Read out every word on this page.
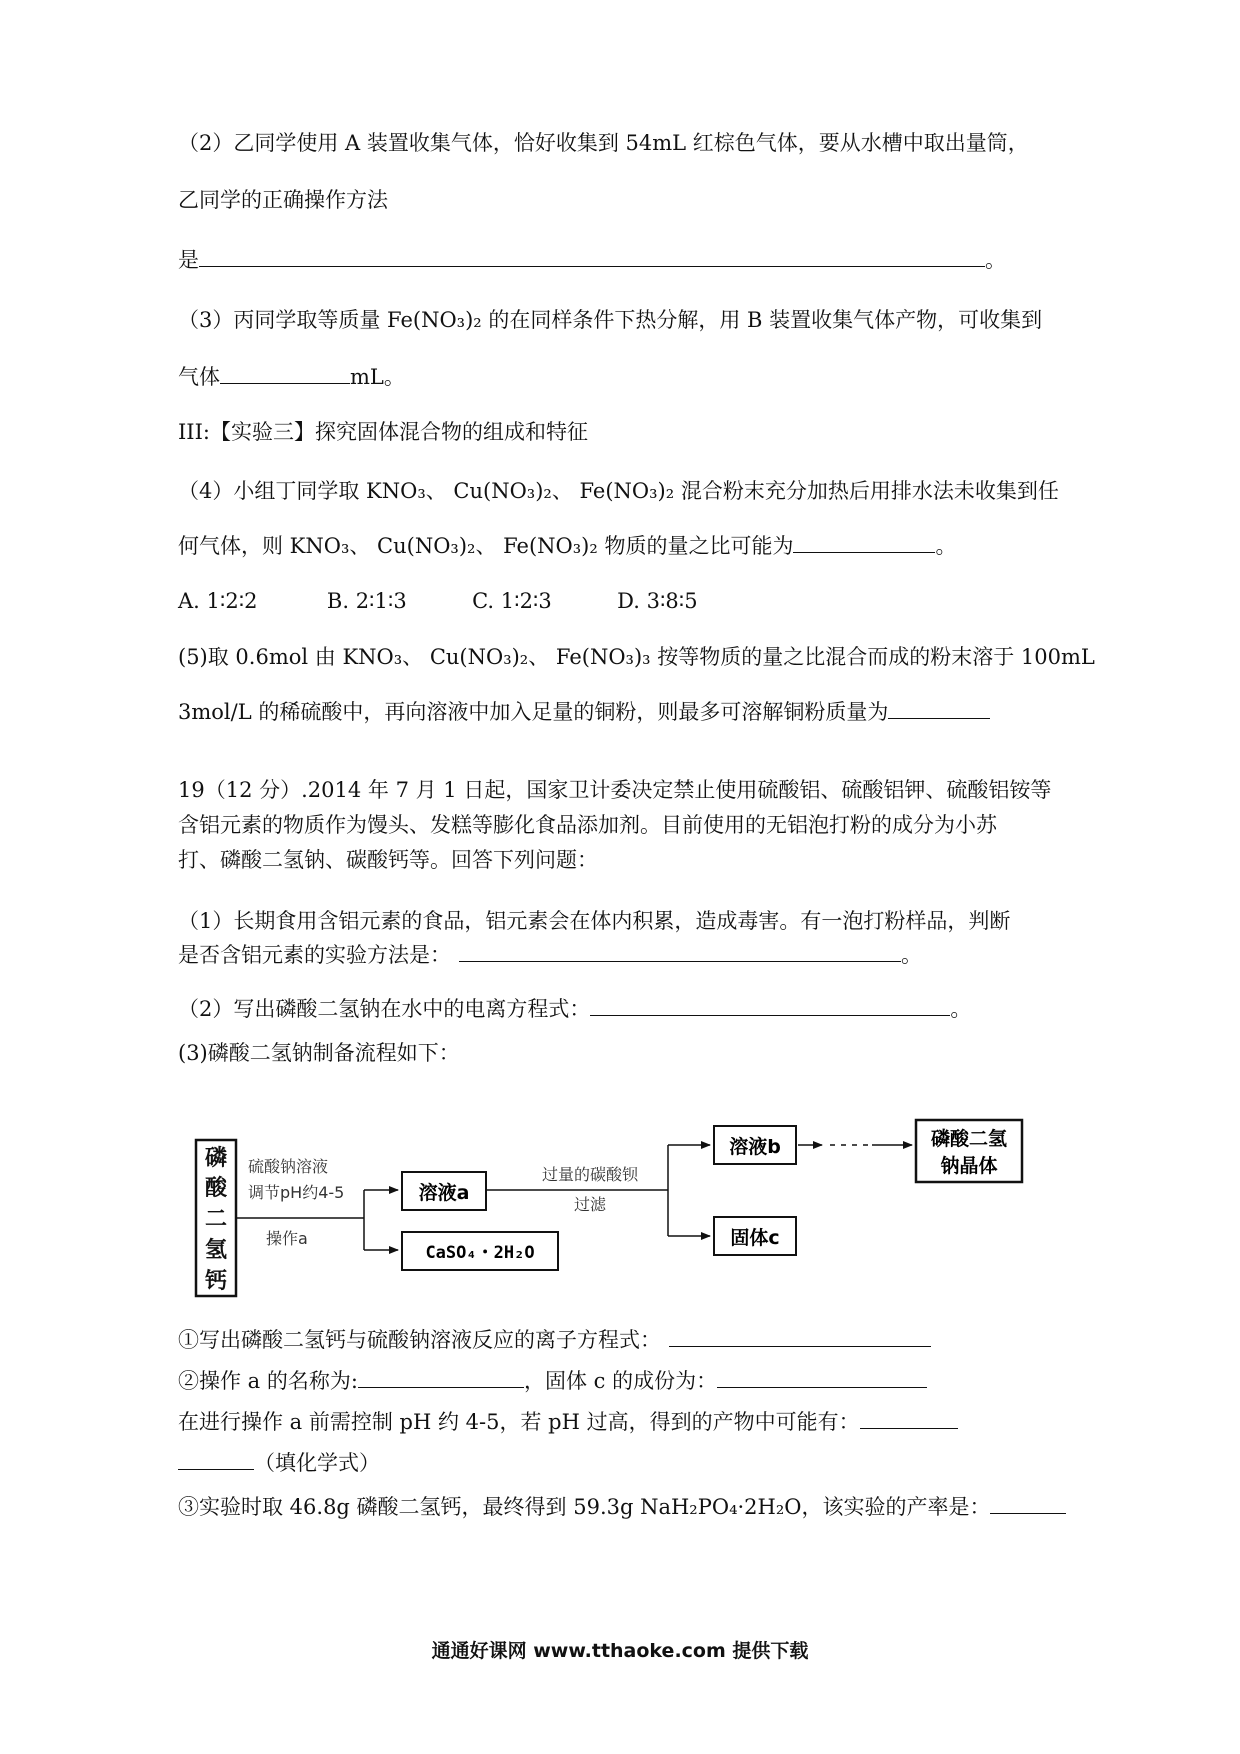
（2）乙同学使用 A 装置收集气体，恰好收集到 54mL 红棕色气体，要从水槽中取出量筒，
乙同学的正确操作方法
是	。
（3）丙同学取等质量 Fe(NO₃)₂ 的在同样条件下热分解，用 B 装置收集气体产物，可收集到
气体	mL。
III:【实验三】探究固体混合物的组成和特征
（4）小组丁同学取 KNO₃、 Cu(NO₃)₂、 Fe(NO₃)₂ 混合粉末充分加热后用排水法未收集到任
何气体，则 KNO₃、 Cu(NO₃)₂、 Fe(NO₃)₂ 物质的量之比可能为	。
A. 1∶2∶2	B. 2∶1∶3	C. 1∶2∶3	D. 3∶8∶5
(5)取 0.6mol 由 KNO₃、 Cu(NO₃)₂、 Fe(NO₃)₃ 按等物质的量之比混合而成的粉末溶于 100mL
3mol/L 的稀硫酸中，再向溶液中加入足量的铜粉，则最多可溶解铜粉质量为
19（12 分）.2014 年 7 月 1 日起，国家卫计委决定禁止使用硫酸铝、硫酸铝钾、硫酸铝铵等
含铝元素的物质作为馒头、发糕等膨化食品添加剂。目前使用的无铝泡打粉的成分为小苏
打、磷酸二氢钠、碳酸钙等。回答下列问题：
（1）长期食用含铝元素的食品，铝元素会在体内积累，造成毒害。有一泡打粉样品，判断
是否含铝元素的实验方法是：	。
（2）写出磷酸二氢钠在水中的电离方程式：	。
(3)磷酸二氢钠制备流程如下：
磷
酸
二
氢
钙
硫酸钠溶液
调节pH约4-5
操作a
溶液a
CaSO₄・2H₂O
过量的碳酸钡
过滤
溶液b
固体c
磷酸二氢
钠晶体
①写出磷酸二氢钙与硫酸钠溶液反应的离子方程式：
②操作 a 的名称为:	，固体 c 的成份为：
在进行操作 a 前需控制 pH 约 4-5，若 pH 过高，得到的产物中可能有：
（填化学式）
③实验时取 46.8g 磷酸二氢钙，最终得到 59.3g NaH₂PO₄·2H₂O，该实验的产率是：
通通好课网 www.tthaoke.com 提供下载
